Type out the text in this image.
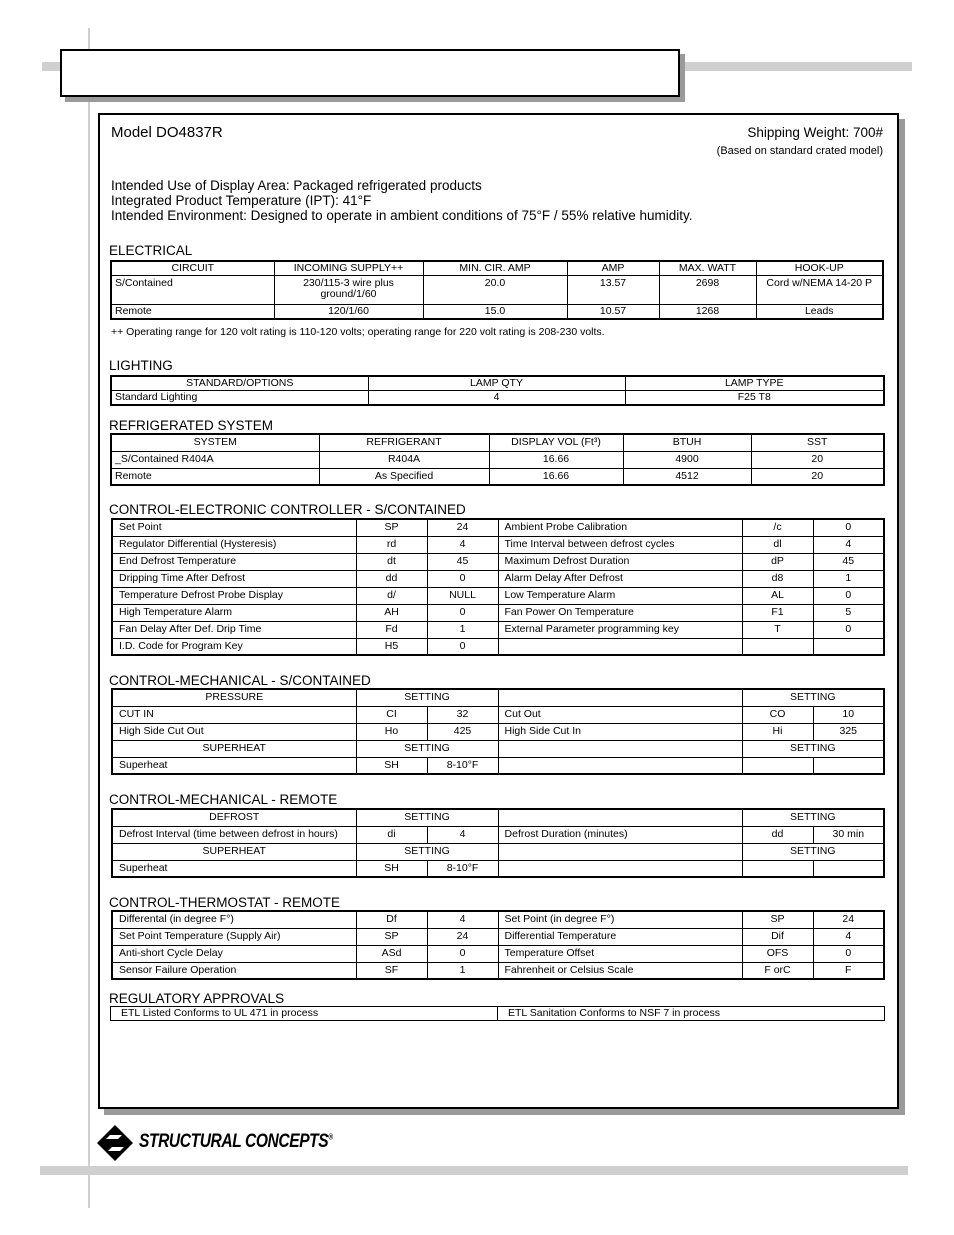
Model DO4837R	Shipping Weight: 700#
(Based on standard crated model)
Intended Use of Display Area: Packaged refrigerated products
Integrated Product Temperature (IPT): 41°F
Intended Environment: Designed to operate in ambient conditions of 75°F / 55% relative humidity.
ELECTRICAL
CIRCUIT	INCOMING SUPPLY++	MIN. CIR. AMP	AMP	MAX. WATT	HOOK-UP
S/Contained	230/115-3 wire plus ground/1/60	20.0	13.57	2698	Cord w/NEMA 14-20 P
Remote	120/1/60	15.0	10.57	1268	Leads
++ Operating range for 120 volt rating is 110-120 volts; operating range for 220 volt rating is 208-230 volts.
LIGHTING
STANDARD/OPTIONS	LAMP QTY	LAMP TYPE
Standard Lighting	4	F25 T8
REFRIGERATED SYSTEM
SYSTEM	REFRIGERANT	DISPLAY VOL (Ft³)	BTUH	SST
_S/Contained R404A	R404A	16.66	4900	20
Remote	As Specified	16.66	4512	20
CONTROL-ELECTRONIC CONTROLLER - S/CONTAINED
Set Point	SP	24	Ambient Probe Calibration	/c	0
Regulator Differential (Hysteresis)	rd	4	Time Interval between defrost cycles	dl	4
End Defrost Temperature	dt	45	Maximum Defrost Duration	dP	45
Dripping Time After Defrost	dd	0	Alarm Delay After Defrost	d8	1
Temperature Defrost Probe Display	d/	NULL	Low Temperature Alarm	AL	0
High Temperature Alarm	AH	0	Fan Power On Temperature	F1	5
Fan Delay After Def. Drip Time	Fd	1	External Parameter programming key	T	0
I.D. Code for Program Key	H5	0			
CONTROL-MECHANICAL - S/CONTAINED
PRESSURE	SETTING			SETTING	
CUT IN	CI	32	Cut Out	CO	10
High Side Cut Out	Ho	425	High Side Cut In	Hi	325
SUPERHEAT	SETTING			SETTING	
Superheat	SH	8-10°F			
CONTROL-MECHANICAL - REMOTE
DEFROST	SETTING			SETTING	
Defrost Interval (time between defrost in hours)	di	4	Defrost Duration (minutes)	dd	30 min
SUPERHEAT	SETTING			SETTING	
Superheat	SH	8-10°F			
CONTROL-THERMOSTAT - REMOTE
Differental (in degree F°)	Df	4	Set Point (in degree F°)	SP	24
Set Point Temperature (Supply Air)	SP	24	Differential Temperature	Dif	4
Anti-short Cycle Delay	ASd	0	Temperature Offset	OFS	0
Sensor Failure Operation	SF	1	Fahrenheit or Celsius Scale	F orC	F
REGULATORY APPROVALS
ETL Listed Conforms to UL 471 in process	ETL Sanitation Conforms to NSF 7 in process
STRUCTURAL CONCEPTS®
